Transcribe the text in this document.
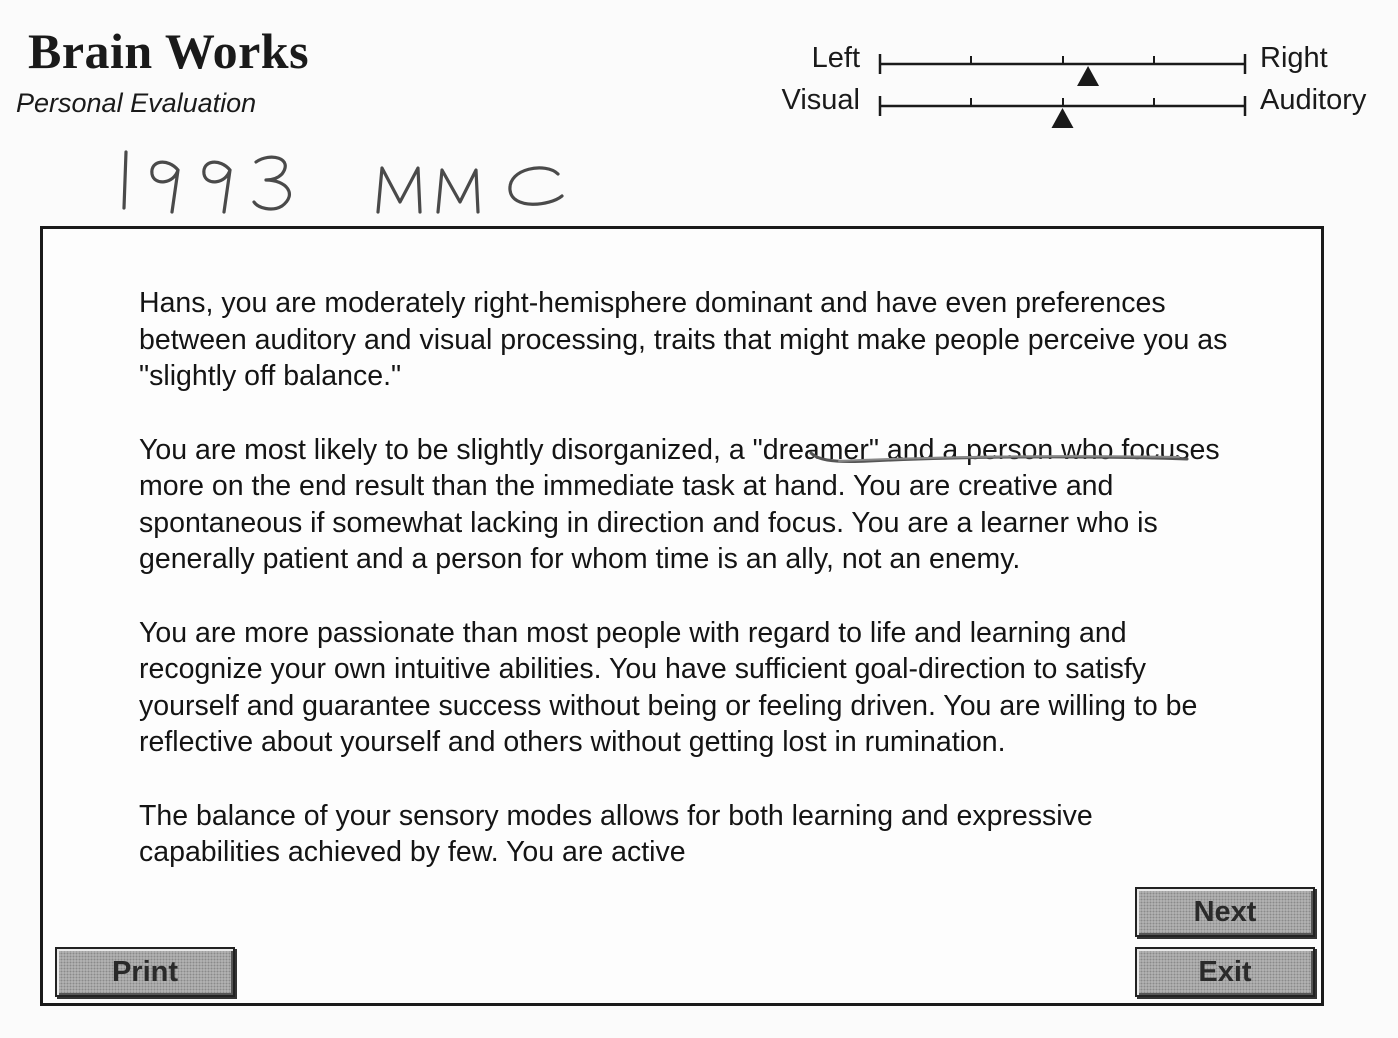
Brain Works
Personal Evaluation
Left	Right
Visual	Auditory

Hans, you are moderately right-hemisphere dominant and have even preferences between auditory and visual processing, traits that might make people perceive you as "slightly off balance."

You are most likely to be slightly disorganized, a "dreamer" and a person who focuses more on the end result than the immediate task at hand. You are creative and spontaneous if somewhat lacking in direction and focus. You are a learner who is generally patient and a person for whom time is an ally, not an enemy.

You are more passionate than most people with regard to life and learning and recognize your own intuitive abilities. You have sufficient goal-direction to satisfy yourself and guarantee success without being or feeling driven. You are willing to be reflective about yourself and others without getting lost in rumination.

The balance of your sensory modes allows for both learning and expressive capabilities achieved by few. You are active

Print
Next
Exit
